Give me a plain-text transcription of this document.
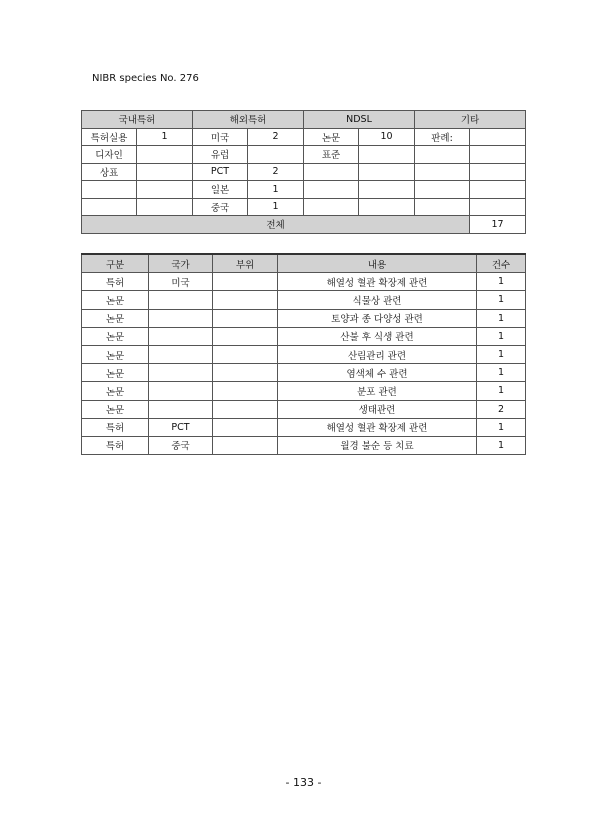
NIBR species No. 276
국내특허		해외특허		NDSL		기타	
특허실용	1	미국	2	논문	10	판례:	
디자인		유럽		표준			
상표		PCT	2				
		일본	1				
		중국	1				
전체							17
구분	국가	부위	내용	건수
특허	미국		해열성 혈관 확장제 관련	1
논문			식물상 관련	1
논문			토양과 종 다양성 관련	1
논문			산불 후 식생 관련	1
논문			산림관리 관련	1
논문			염색체 수 관련	1
논문			분포 관련	1
논문			생태관련	2
특허	PCT		해열성 혈관 확장제 관련	1
특허	중국		월경 불순 등 치료	1
- 133 -
